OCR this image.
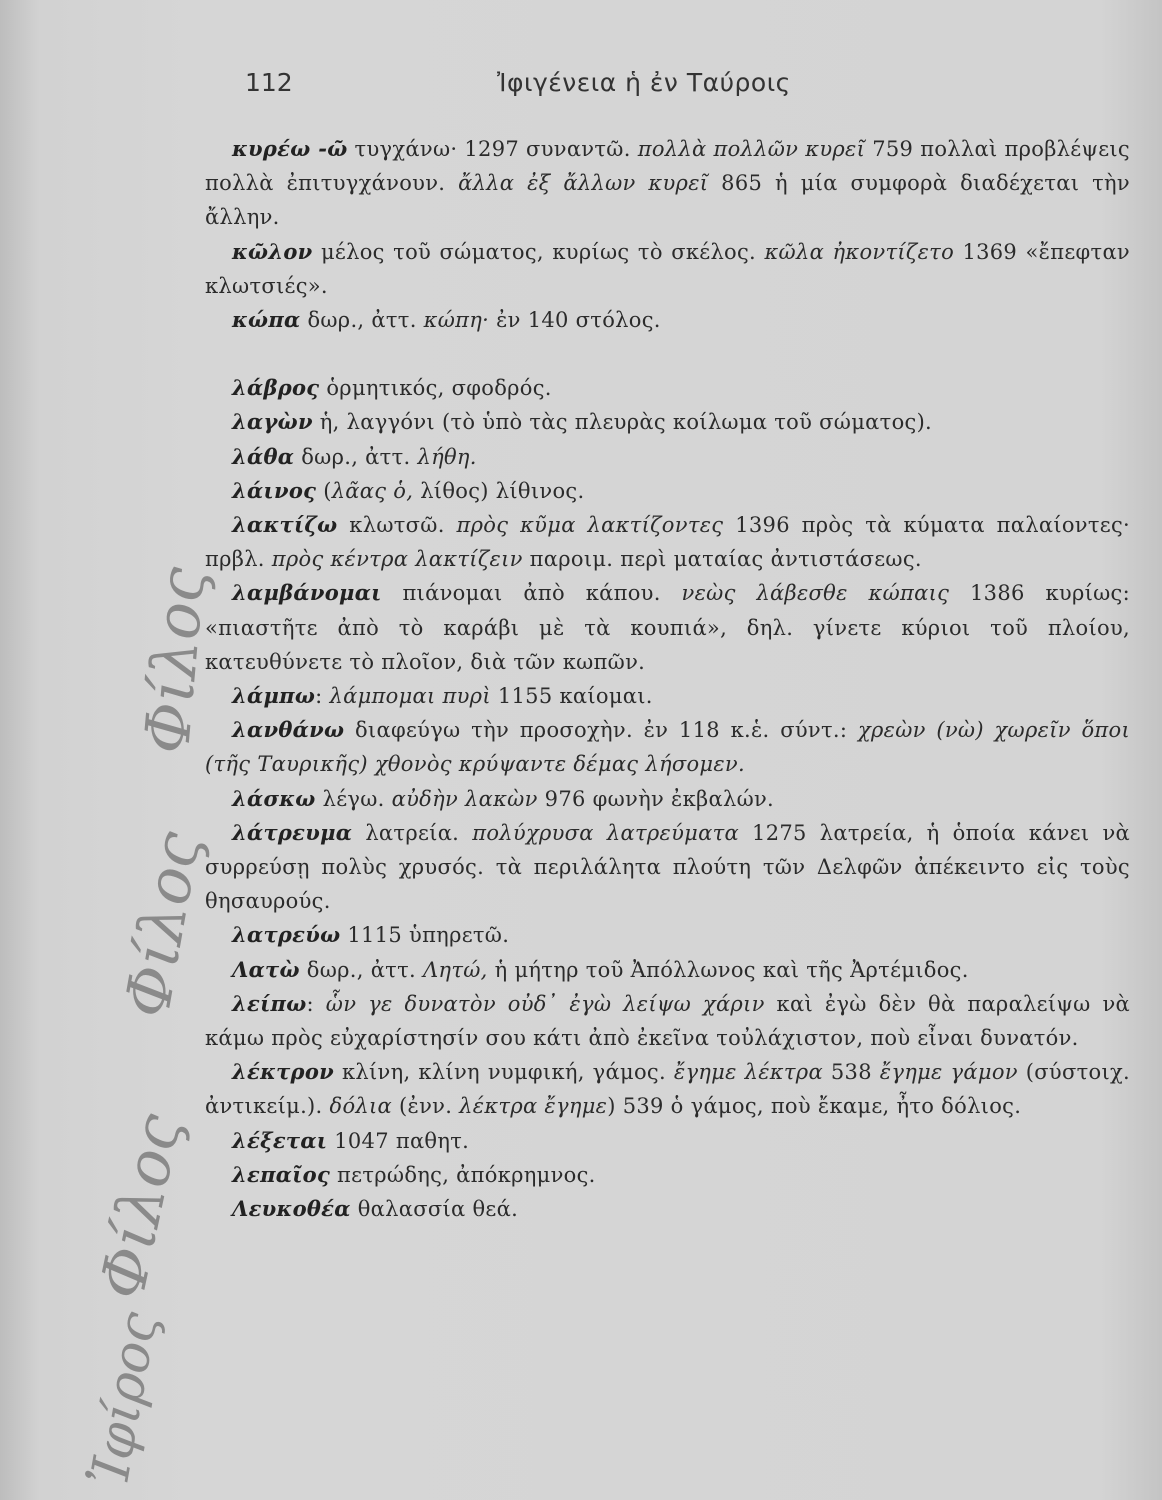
112	Ἰφιγένεια ἡ ἐν Ταύροις

κυρέω -ῶ τυγχάνω· 1297 συναντῶ. πολλὰ πολλῶν κυρεῖ 759 πολλαὶ προβλέψεις πολλὰ ἐπιτυγχάνουν. ἄλλα ἐξ ἄλλων κυρεῖ 865 ἡ μία συμφορὰ διαδέχεται τὴν ἄλλην.

κῶλον μέλος τοῦ σώματος, κυρίως τὸ σκέλος. κῶλα ἠκοντίζετο 1369 «ἔπεφταν κλωτσιές».

κώπα δωρ., ἀττ. κώπη· ἐν 140 στόλος.

λάβρος ὁρμητικός, σφοδρός.

λαγὼν ἡ, λαγγόνι (τὸ ὑπὸ τὰς πλευρὰς κοίλωμα τοῦ σώματος).

λάθα δωρ., ἀττ. λήθη.

λάινος (λᾶας ὁ, λίθος) λίθινος.

λακτίζω κλωτσῶ. πρὸς κῦμα λακτίζοντες 1396 πρὸς τὰ κύματα παλαίοντες· πρβλ. πρὸς κέντρα λακτίζειν παροιμ. περὶ ματαίας ἀντιστάσεως.

λαμβάνομαι πιάνομαι ἀπὸ κάπου. νεὼς λάβεσθε κώπαις 1386 κυρίως: «πιαστῆτε ἀπὸ τὸ καράβι μὲ τὰ κουπιά», δηλ. γίνετε κύριοι τοῦ πλοίου, κατευθύνετε τὸ πλοῖον, διὰ τῶν κωπῶν.

λάμπω: λάμπομαι πυρὶ 1155 καίομαι.

λανθάνω διαφεύγω τὴν προσοχὴν. ἐν 118 κ.ἑ. σύντ.: χρεὼν (νὼ) χωρεῖν ὅποι (τῆς Ταυρικῆς) χθονὸς κρύψαντε δέμας λήσομεν.

λάσκω λέγω. αὐδὴν λακὼν 976 φωνὴν ἐκβαλών.

λάτρευμα λατρεία. πολύχρυσα λατρεύματα 1275 λατρεία, ἡ ὁποία κάνει νὰ συρρεύσῃ πολὺς χρυσός. τὰ περιλάλητα πλούτη τῶν Δελφῶν ἀπέκειντο εἰς τοὺς θησαυρούς.

λατρεύω 1115 ὑπηρετῶ.

Λατὼ δωρ., ἀττ. Λητώ, ἡ μήτηρ τοῦ Ἀπόλλωνος καὶ τῆς Ἀρτέμιδος.

λείπω: ὧν γε δυνατὸν οὐδ᾿ ἐγὼ λείψω χάριν καὶ ἐγὼ δὲν θὰ παραλείψω νὰ κάμω πρὸς εὐχαρίστησίν σου κάτι ἀπὸ ἐκεῖνα τοὐλάχιστον, ποὺ εἶναι δυνατόν.

λέκτρον κλίνη, κλίνη νυμφική, γάμος. ἔγημε λέκτρα 538 ἔγημε γάμον (σύστοιχ. ἀντικείμ.). δόλια (ἐνν. λέκτρα ἔγημε) 539 ὁ γάμος, ποὺ ἔκαμε, ἦτο δόλιος.

λέξεται 1047 παθητ.

λεπαῖος πετρώδης, ἀπόκρημνος.

Λευκοθέα θαλασσία θεά.

Φίλος
Φίλος
Φίλος
Ἰφίρος
